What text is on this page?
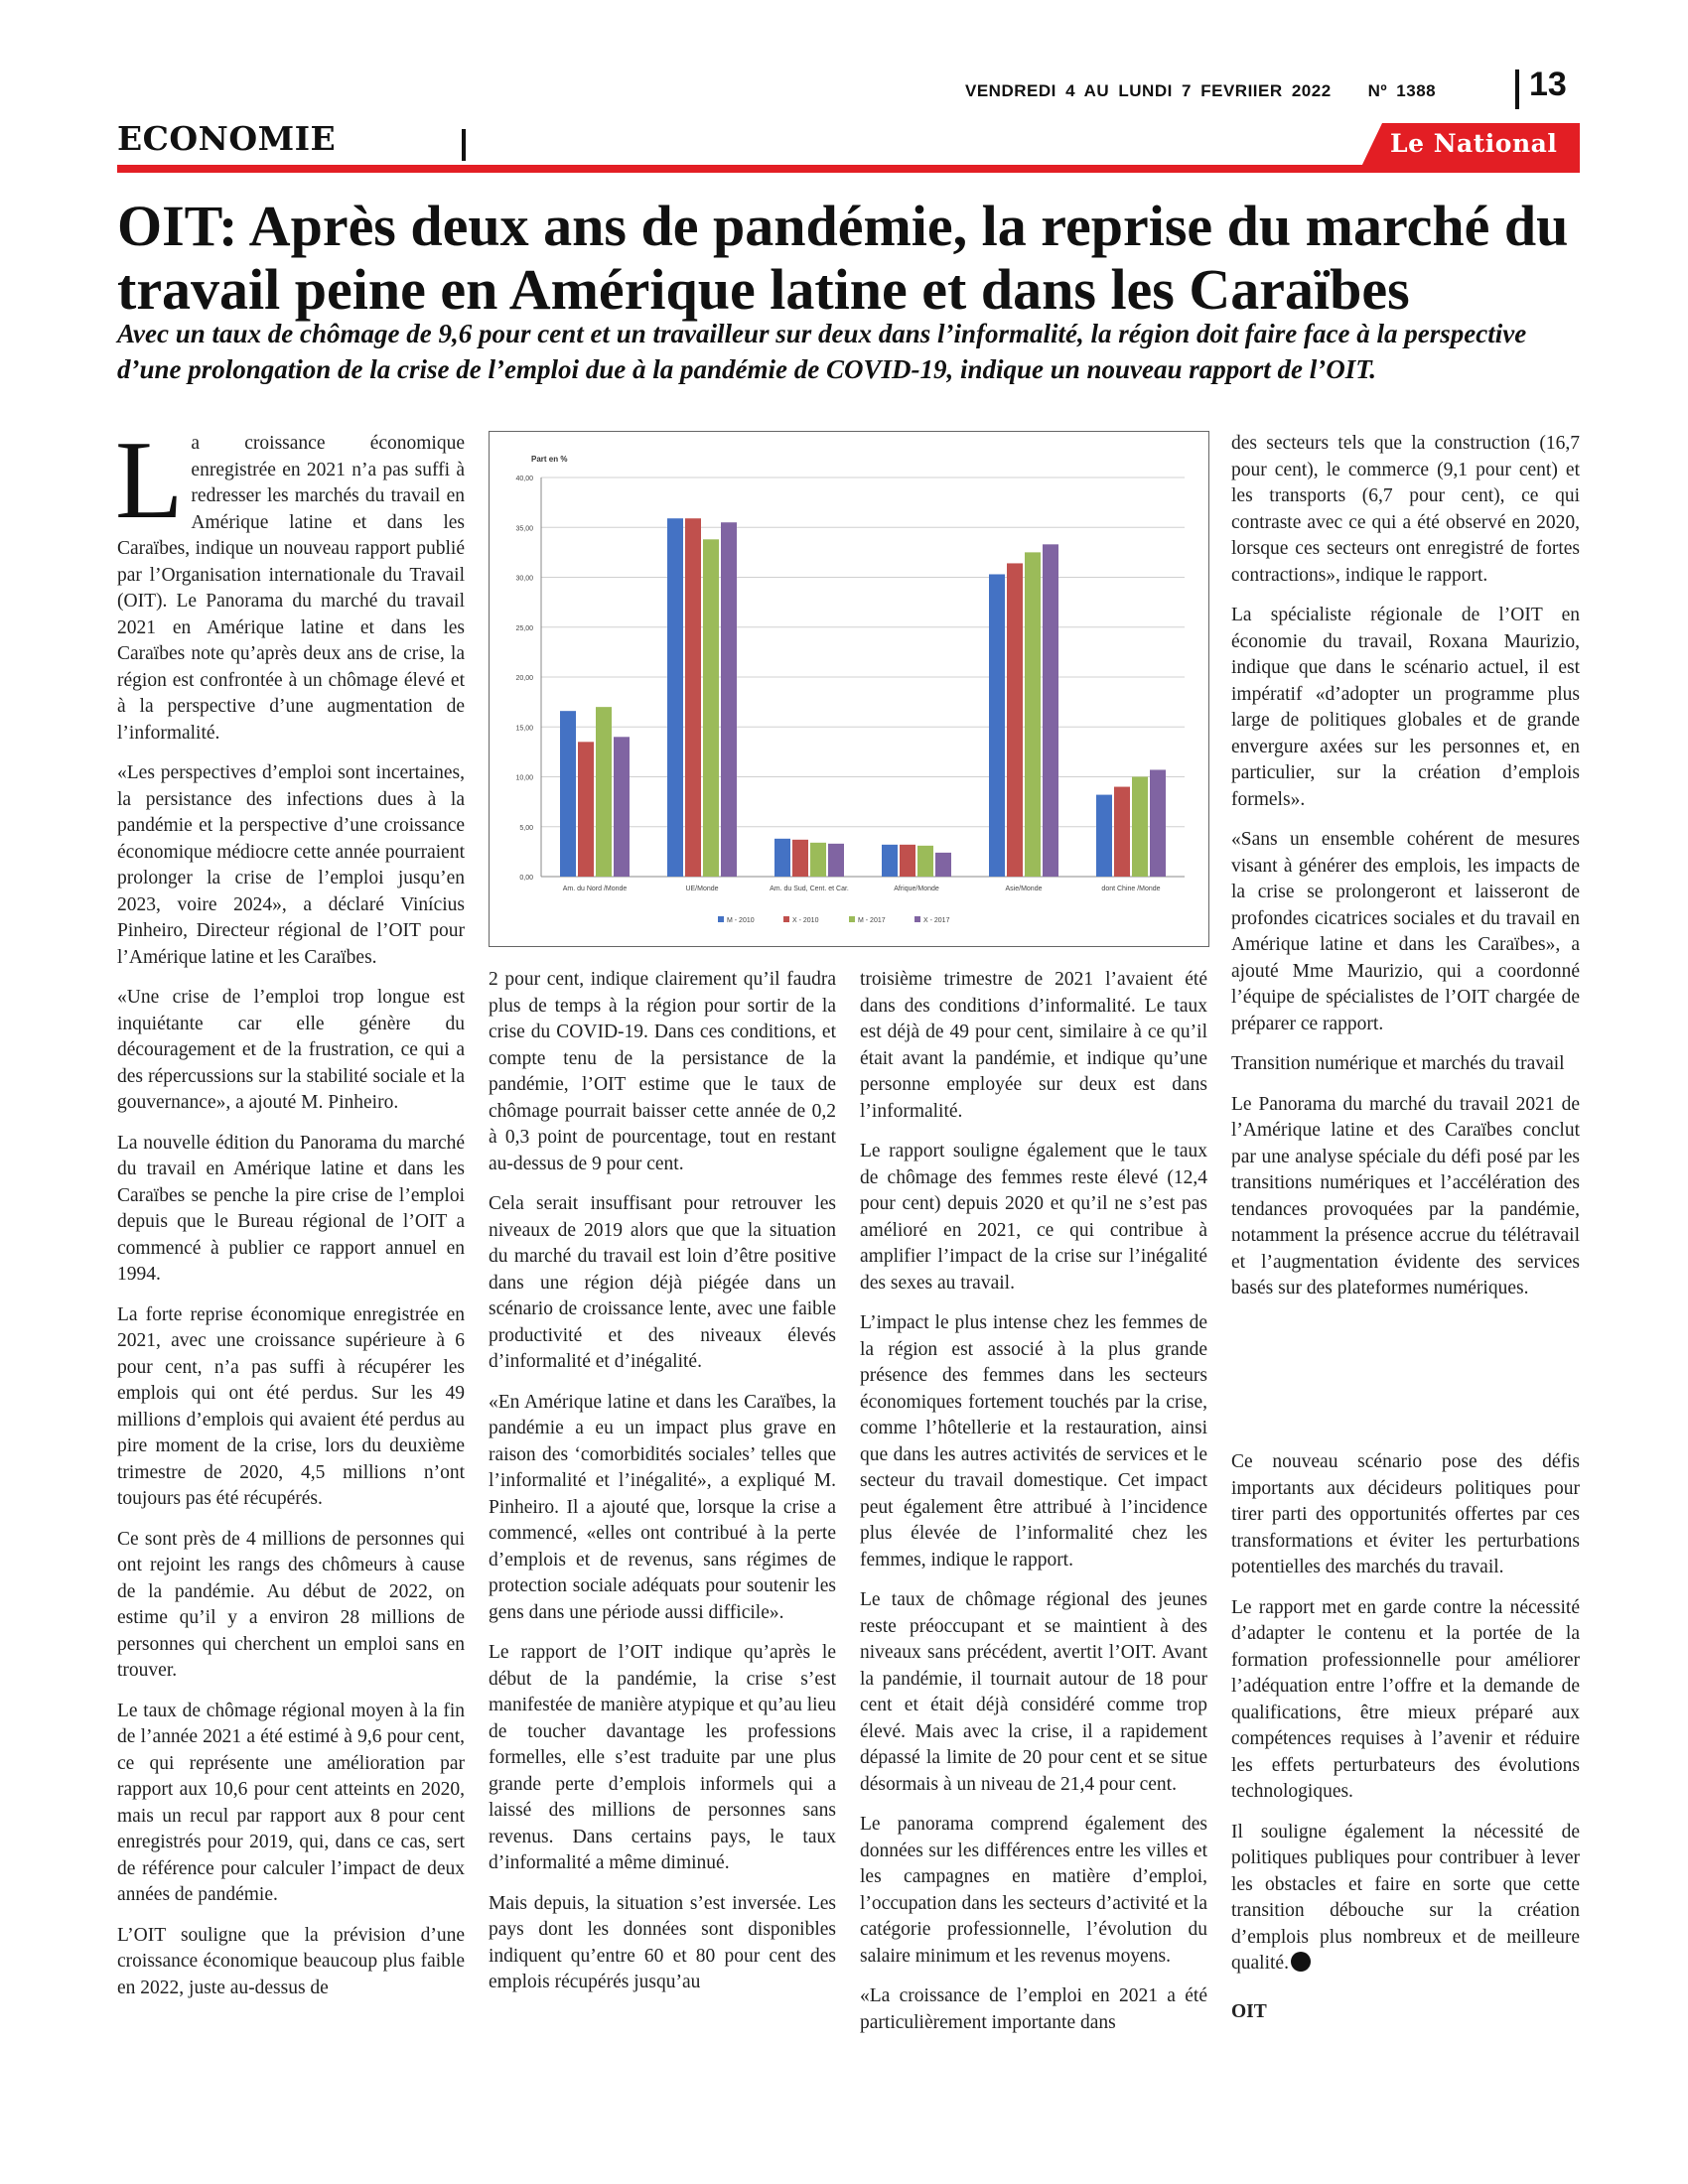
VENDREDI 4 AU LUNDI 7 FEVRIIER 2022 Nº 1388	13
ECONOMIE	Le National
OIT: Après deux ans de pandémie, la reprise du marché du travail peine en Amérique latine et dans les Caraïbes

Avec un taux de chômage de 9,6 pour cent et un travailleur sur deux dans l’informalité, la région doit faire face à la perspective d’une prolongation de la crise de l’emploi due à la pandémie de COVID-19, indique un nouveau rapport de l’OIT.

La croissance économique enregistrée en 2021 n’a pas suffi à redresser les marchés du travail en Amérique latine et dans les Caraïbes, indique un nouveau rapport publié par l’Organisation internationale du Travail (OIT). Le Panorama du marché du travail 2021 en Amérique latine et dans les Caraïbes note qu’après deux ans de crise, la région est confrontée à un chômage élevé et à la perspective d’une augmentation de l’informalité.

«Les perspectives d’emploi sont incertaines, la persistance des infections dues à la pandémie et la perspective d’une croissance économique médiocre cette année pourraient prolonger la crise de l’emploi jusqu’en 2023, voire 2024», a déclaré Vinícius Pinheiro, Directeur régional de l’OIT pour l’Amérique latine et les Caraïbes.

«Une crise de l’emploi trop longue est inquiétante car elle génère du découragement et de la frustration, ce qui a des répercussions sur la stabilité sociale et la gouvernance», a ajouté M. Pinheiro.

La nouvelle édition du Panorama du marché du travail en Amérique latine et dans les Caraïbes se penche la pire crise de l’emploi depuis que le Bureau régional de l’OIT a commencé à publier ce rapport annuel en 1994.

La forte reprise économique enregistrée en 2021, avec une croissance supérieure à 6 pour cent, n’a pas suffi à récupérer les emplois qui ont été perdus. Sur les 49 millions d’emplois qui avaient été perdus au pire moment de la crise, lors du deuxième trimestre de 2020, 4,5 millions n’ont toujours pas été récupérés.

Ce sont près de 4 millions de personnes qui ont rejoint les rangs des chômeurs à cause de la pandémie. Au début de 2022, on estime qu’il y a environ 28 millions de personnes qui cherchent un emploi sans en trouver.

Le taux de chômage régional moyen à la fin de l’année 2021 a été estimé à 9,6 pour cent, ce qui représente une amélioration par rapport aux 10,6 pour cent atteints en 2020, mais un recul par rapport aux 8 pour cent enregistrés pour 2019, qui, dans ce cas, sert de référence pour calculer l’impact de deux années de pandémie.

L’OIT souligne que la prévision d’une croissance économique beaucoup plus faible en 2022, juste au-dessus de

Part en %
0,00
5,00
10,00
15,00
20,00
25,00
30,00
35,00
40,00
Am. du Nord /Monde	UE/Monde	Am. du Sud, Cent. et Car.	Afrique/Monde	Asie/Monde	dont Chine /Monde
M - 2010	X - 2010	M - 2017	X - 2017

2 pour cent, indique clairement qu’il faudra plus de temps à la région pour sortir de la crise du COVID-19. Dans ces conditions, et compte tenu de la persistance de la pandémie, l’OIT estime que le taux de chômage pourrait baisser cette année de 0,2 à 0,3 point de pourcentage, tout en restant au-dessus de 9 pour cent.

Cela serait insuffisant pour retrouver les niveaux de 2019 alors que que la situation du marché du travail est loin d’être positive dans une région déjà piégée dans un scénario de croissance lente, avec une faible productivité et des niveaux élevés d’informalité et d’inégalité.

«En Amérique latine et dans les Caraïbes, la pandémie a eu un impact plus grave en raison des ‘comorbidités sociales’ telles que l’informalité et l’inégalité», a expliqué M. Pinheiro. Il a ajouté que, lorsque la crise a commencé, «elles ont contribué à la perte d’emplois et de revenus, sans régimes de protection sociale adéquats pour soutenir les gens dans une période aussi difficile».

Le rapport de l’OIT indique qu’après le début de la pandémie, la crise s’est manifestée de manière atypique et qu’au lieu de toucher davantage les professions formelles, elle s’est traduite par une plus grande perte d’emplois informels qui a laissé des millions de personnes sans revenus. Dans certains pays, le taux d’informalité a même diminué.

Mais depuis, la situation s’est inversée. Les pays dont les données sont disponibles indiquent qu’entre 60 et 80 pour cent des emplois récupérés jusqu’au

troisième trimestre de 2021 l’avaient été dans des conditions d’informalité. Le taux est déjà de 49 pour cent, similaire à ce qu’il était avant la pandémie, et indique qu’une personne employée sur deux est dans l’informalité.

Le rapport souligne également que le taux de chômage des femmes reste élevé (12,4 pour cent) depuis 2020 et qu’il ne s’est pas amélioré en 2021, ce qui contribue à amplifier l’impact de la crise sur l’inégalité des sexes au travail.

L’impact le plus intense chez les femmes de la région est associé à la plus grande présence des femmes dans les secteurs économiques fortement touchés par la crise, comme l’hôtellerie et la restauration, ainsi que dans les autres activités de services et le secteur du travail domestique. Cet impact peut également être attribué à l’incidence plus élevée de l’informalité chez les femmes, indique le rapport.

Le taux de chômage régional des jeunes reste préoccupant et se maintient à des niveaux sans précédent, avertit l’OIT. Avant la pandémie, il tournait autour de 18 pour cent et était déjà considéré comme trop élevé. Mais avec la crise, il a rapidement dépassé la limite de 20 pour cent et se situe désormais à un niveau de 21,4 pour cent.

Le panorama comprend également des données sur les différences entre les villes et les campagnes en matière d’emploi, l’occupation dans les secteurs d’activité et la catégorie professionnelle, l’évolution du salaire minimum et les revenus moyens.

«La croissance de l’emploi en 2021 a été particulièrement importante dans

des secteurs tels que la construction (16,7 pour cent), le commerce (9,1 pour cent) et les transports (6,7 pour cent), ce qui contraste avec ce qui a été observé en 2020, lorsque ces secteurs ont enregistré de fortes contractions», indique le rapport.

La spécialiste régionale de l’OIT en économie du travail, Roxana Maurizio, indique que dans le scénario actuel, il est impératif «d’adopter un programme plus large de politiques globales et de grande envergure axées sur les personnes et, en particulier, sur la création d’emplois formels».

«Sans un ensemble cohérent de mesures visant à générer des emplois, les impacts de la crise se prolongeront et laisseront de profondes cicatrices sociales et du travail en Amérique latine et dans les Caraïbes», a ajouté Mme Maurizio, qui a coordonné l’équipe de spécialistes de l’OIT chargée de préparer ce rapport.

Transition numérique et marchés du travail

Le Panorama du marché du travail 2021 de l’Amérique latine et des Caraïbes conclut par une analyse spéciale du défi posé par les transitions numériques et l’accélération des tendances provoquées par la pandémie, notamment la présence accrue du télétravail et l’augmentation évidente des services basés sur des plateformes numériques.

Ce nouveau scénario pose des défis importants aux décideurs politiques pour tirer parti des opportunités offertes par ces transformations et éviter les perturbations potentielles des marchés du travail.

Le rapport met en garde contre la nécessité d’adapter le contenu et la portée de la formation professionnelle pour améliorer l’adéquation entre l’offre et la demande de qualifications, être mieux préparé aux compétences requises à l’avenir et réduire les effets perturbateurs des évolutions technologiques.

Il souligne également la nécessité de politiques publiques pour contribuer à lever les obstacles et faire en sorte que cette transition débouche sur la création d’emplois plus nombreux et de meilleure qualité.

OIT
